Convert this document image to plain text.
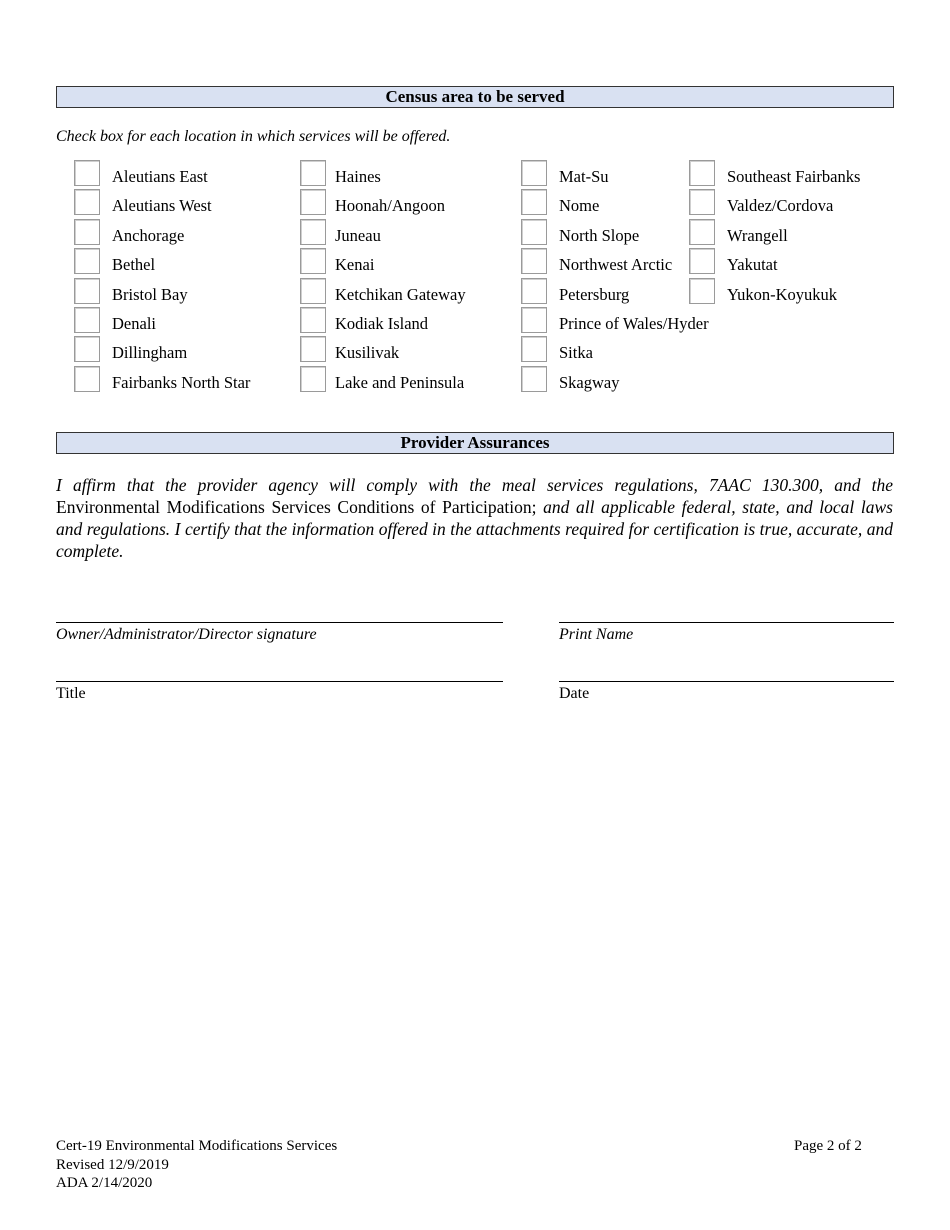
Census area to be served
Check box for each location in which services will be offered.
Aleutians East
Aleutians West
Anchorage
Bethel
Bristol Bay
Denali
Dillingham
Fairbanks North Star
Haines
Hoonah/Angoon
Juneau
Kenai
Ketchikan Gateway
Kodiak Island
Kusilivak
Lake and Peninsula
Mat-Su
Nome
North Slope
Northwest Arctic
Petersburg
Prince of Wales/Hyder
Sitka
Skagway
Southeast Fairbanks
Valdez/Cordova
Wrangell
Yakutat
Yukon-Koyukuk
Provider Assurances
I affirm that the provider agency will comply with the meal services regulations, 7AAC 130.300, and the Environmental Modifications Services Conditions of Participation; and all applicable federal, state, and local laws and regulations. I certify that the information offered in the attachments required for certification is true, accurate, and complete.
Owner/Administrator/Director signature	Print Name
Title	Date
Cert-19 Environmental Modifications Services
Revised 12/9/2019
ADA 2/14/2020
Page 2 of 2
